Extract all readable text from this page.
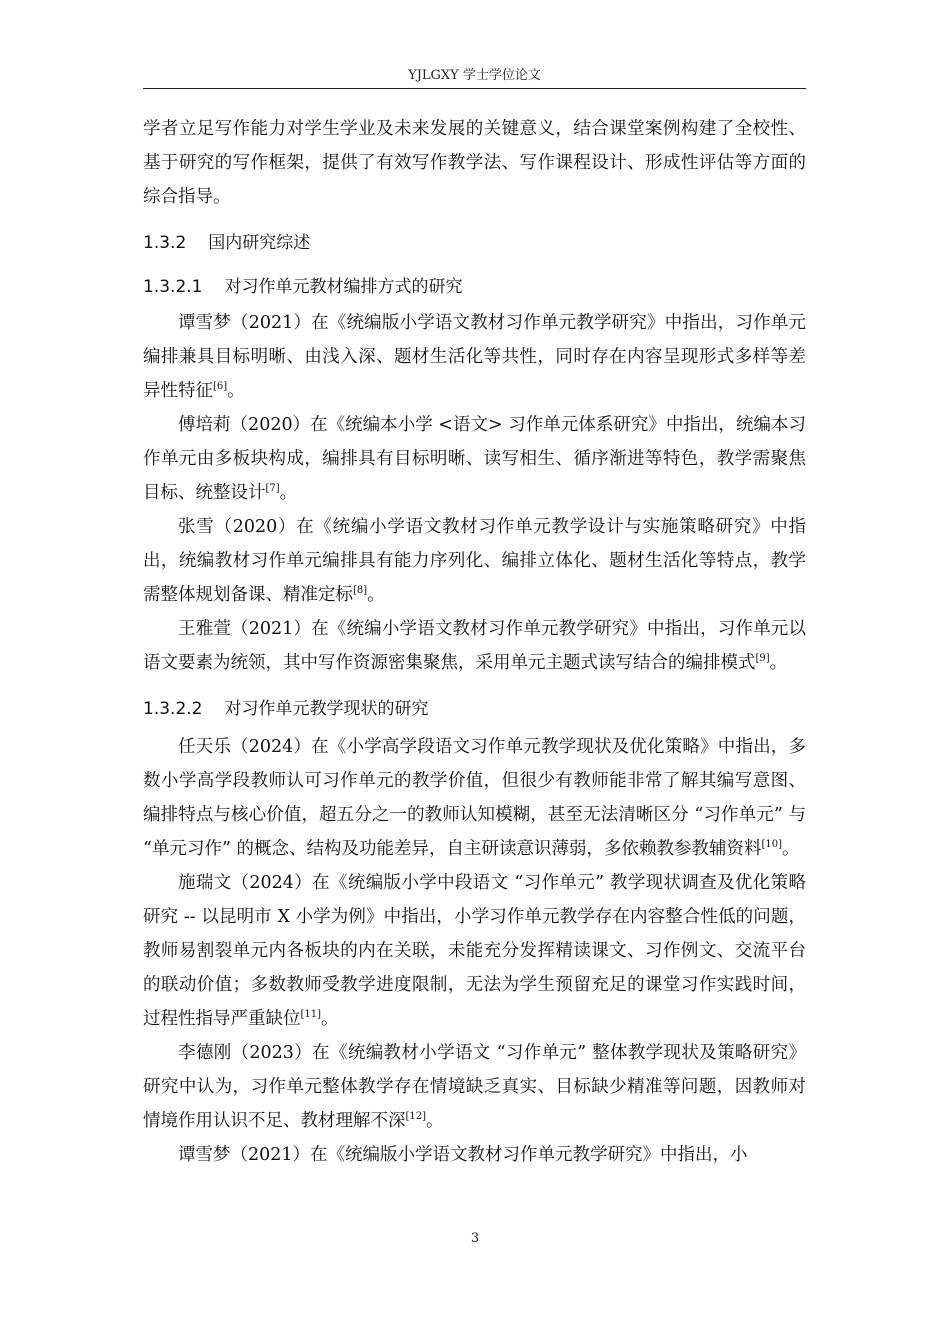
YJLGXY 学士学位论文

学者立足写作能力对学生学业及未来发展的关键意义，结合课堂案例构建了全校性、基于研究的写作框架，提供了有效写作教学法、写作课程设计、形成性评估等方面的综合指导。

1.3.2 国内研究综述
1.3.2.1 对习作单元教材编排方式的研究

谭雪梦（2021）在《统编版小学语文教材习作单元教学研究》中指出，习作单元编排兼具目标明晰、由浅入深、题材生活化等共性，同时存在内容呈现形式多样等差异性特征[6]。

傅培莉（2020）在《统编本小学 <语文> 习作单元体系研究》中指出，统编本习作单元由多板块构成，编排具有目标明晰、读写相生、循序渐进等特色，教学需聚焦目标、统整设计[7]。

张雪（2020）在《统编小学语文教材习作单元教学设计与实施策略研究》中指出，统编教材习作单元编排具有能力序列化、编排立体化、题材生活化等特点，教学需整体规划备课、精准定标[8]。

王雅萱（2021）在《统编小学语文教材习作单元教学研究》中指出，习作单元以语文要素为统领，其中写作资源密集聚焦，采用单元主题式读写结合的编排模式[9]。

1.3.2.2 对习作单元教学现状的研究

任天乐（2024）在《小学高学段语文习作单元教学现状及优化策略》中指出，多数小学高学段教师认可习作单元的教学价值，但很少有教师能非常了解其编写意图、编排特点与核心价值，超五分之一的教师认知模糊，甚至无法清晰区分 “习作单元” 与 “单元习作” 的概念、结构及功能差异，自主研读意识薄弱，多依赖教参教辅资料[10]。

施瑞文（2024）在《统编版小学中段语文 “习作单元” 教学现状调查及优化策略研究 -- 以昆明市 X 小学为例》中指出，小学习作单元教学存在内容整合性低的问题，教师易割裂单元内各板块的内在关联，未能充分发挥精读课文、习作例文、交流平台的联动价值；多数教师受教学进度限制，无法为学生预留充足的课堂习作实践时间，过程性指导严重缺位[11]。

李德刚（2023）在《统编教材小学语文 “习作单元” 整体教学现状及策略研究》研究中认为，习作单元整体教学存在情境缺乏真实、目标缺少精准等问题，因教师对情境作用认识不足、教材理解不深[12]。

谭雪梦（2021）在《统编版小学语文教材习作单元教学研究》中指出，小

3
